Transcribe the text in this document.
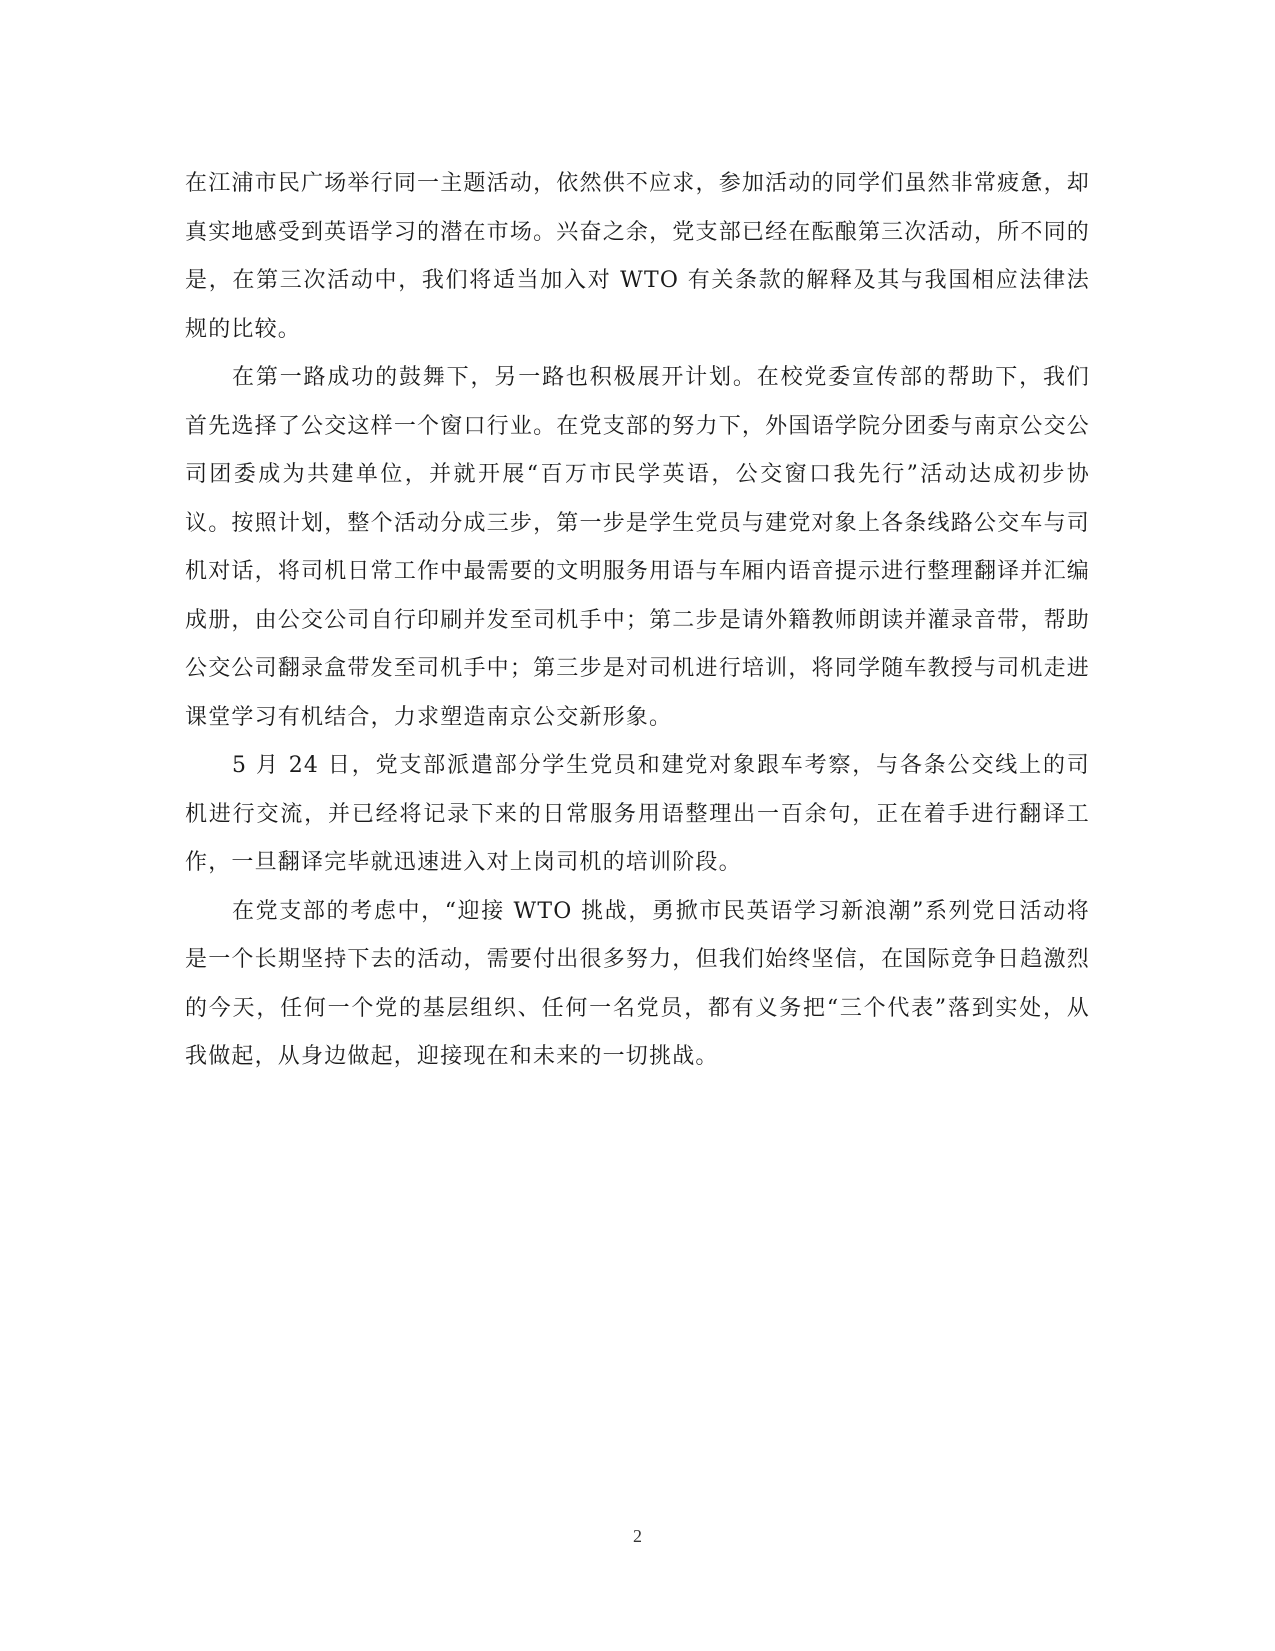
在江浦市民广场举行同一主题活动，依然供不应求，参加活动的同学们虽然非常疲惫，却真实地感受到英语学习的潜在市场。兴奋之余，党支部已经在酝酿第三次活动，所不同的是，在第三次活动中，我们将适当加入对 WTO 有关条款的解释及其与我国相应法律法规的比较。

在第一路成功的鼓舞下，另一路也积极展开计划。在校党委宣传部的帮助下，我们首先选择了公交这样一个窗口行业。在党支部的努力下，外国语学院分团委与南京公交公司团委成为共建单位，并就开展“百万市民学英语，公交窗口我先行”活动达成初步协议。按照计划，整个活动分成三步，第一步是学生党员与建党对象上各条线路公交车与司机对话，将司机日常工作中最需要的文明服务用语与车厢内语音提示进行整理翻译并汇编成册，由公交公司自行印刷并发至司机手中；第二步是请外籍教师朗读并灌录音带，帮助公交公司翻录盒带发至司机手中；第三步是对司机进行培训，将同学随车教授与司机走进课堂学习有机结合，力求塑造南京公交新形象。

5 月 24 日，党支部派遣部分学生党员和建党对象跟车考察，与各条公交线上的司机进行交流，并已经将记录下来的日常服务用语整理出一百余句，正在着手进行翻译工作，一旦翻译完毕就迅速进入对上岗司机的培训阶段。

在党支部的考虑中，“迎接 WTO 挑战，勇掀市民英语学习新浪潮”系列党日活动将是一个长期坚持下去的活动，需要付出很多努力，但我们始终坚信，在国际竞争日趋激烈的今天，任何一个党的基层组织、任何一名党员，都有义务把“三个代表”落到实处，从我做起，从身边做起，迎接现在和未来的一切挑战。

2
